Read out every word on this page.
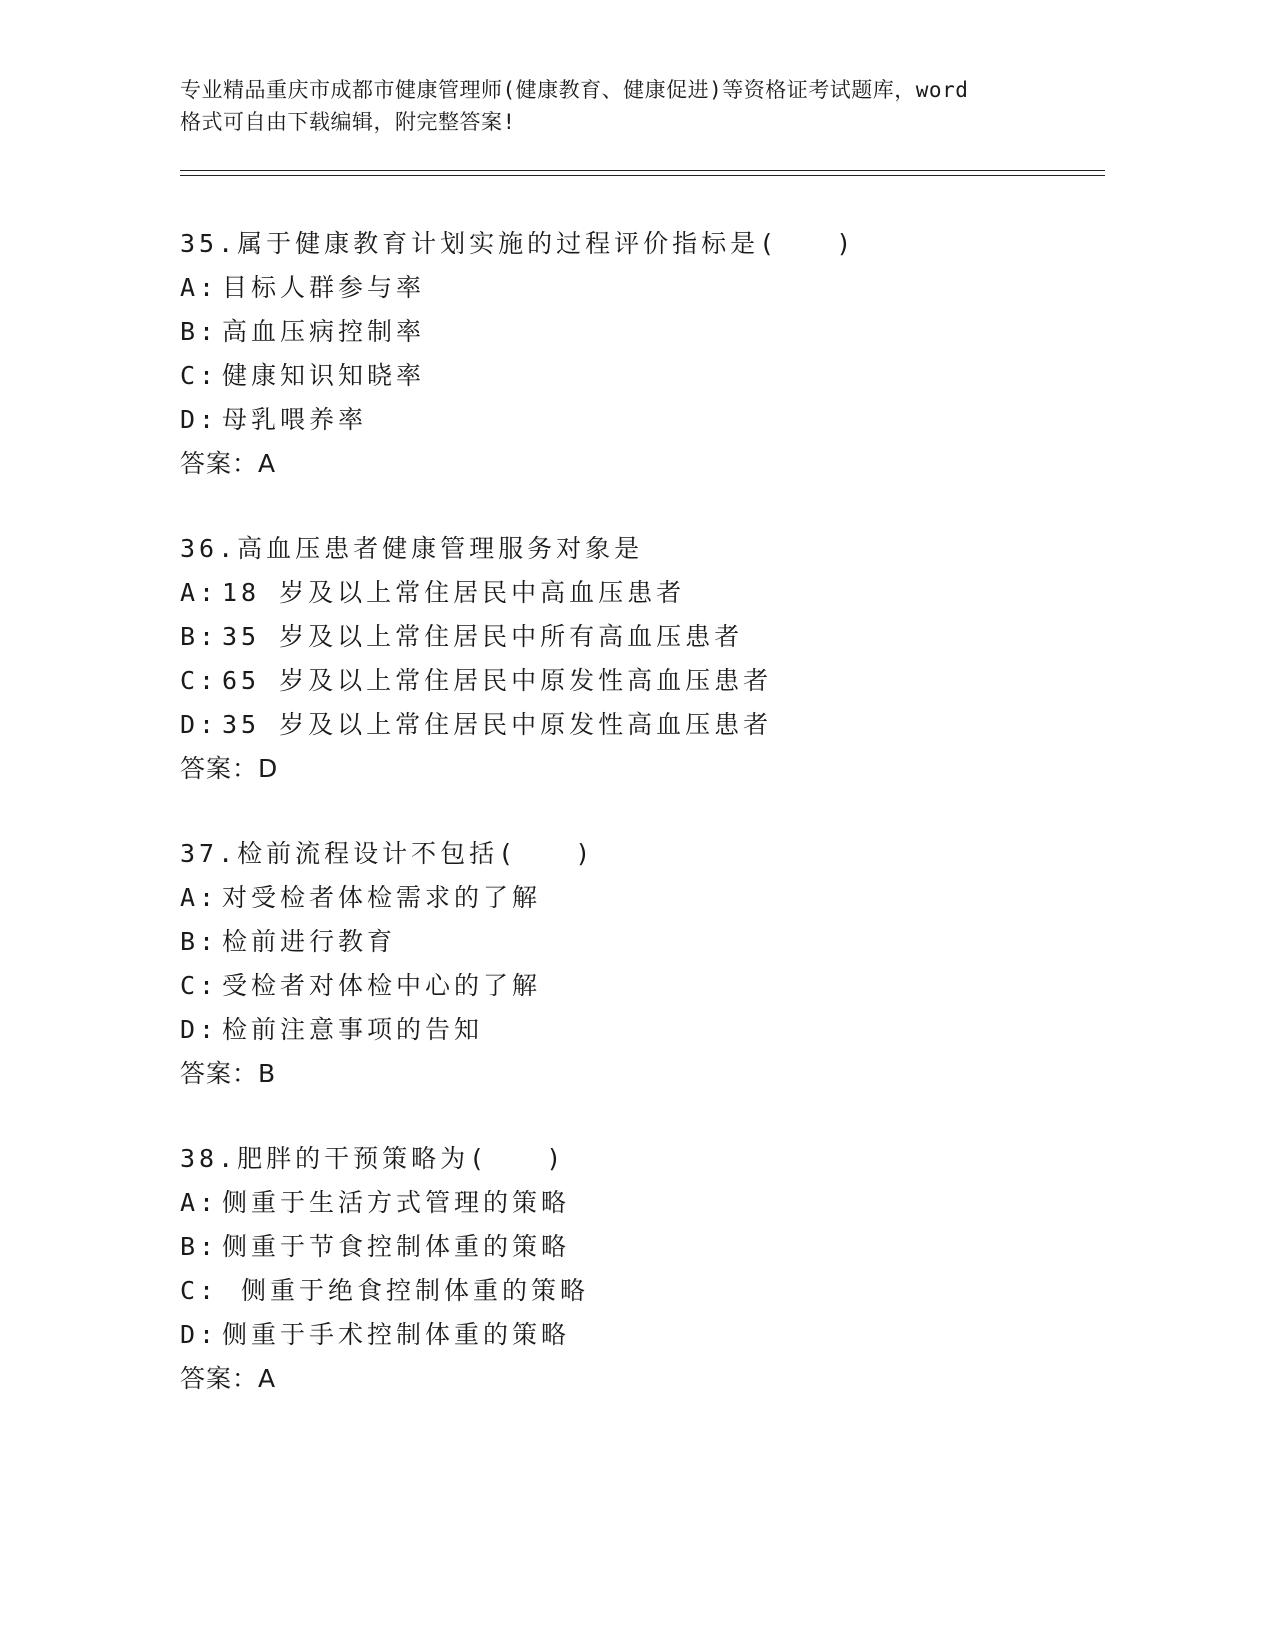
专业精品重庆市成都市健康管理师(健康教育、健康促进)等资格证考试题库，word
格式可自由下载编辑，附完整答案!
35.属于健康教育计划实施的过程评价指标是(　　)
A: 目标人群参与率
B: 高血压病控制率
C: 健康知识知晓率
D: 母乳喂养率
答案：A
36.高血压患者健康管理服务对象是
A: 18 岁及以上常住居民中高血压患者
B: 35 岁及以上常住居民中所有高血压患者
C: 65 岁及以上常住居民中原发性高血压患者
D: 35 岁及以上常住居民中原发性高血压患者
答案：D
37.检前流程设计不包括(　　)
A: 对受检者体检需求的了解
B: 检前进行教育
C: 受检者对体检中心的了解
D: 检前注意事项的告知
答案：B
38.肥胖的干预策略为(　　)
A: 侧重于生活方式管理的策略
B: 侧重于节食控制体重的策略
C: 侧重于绝食控制体重的策略
D: 侧重于手术控制体重的策略
答案：A
